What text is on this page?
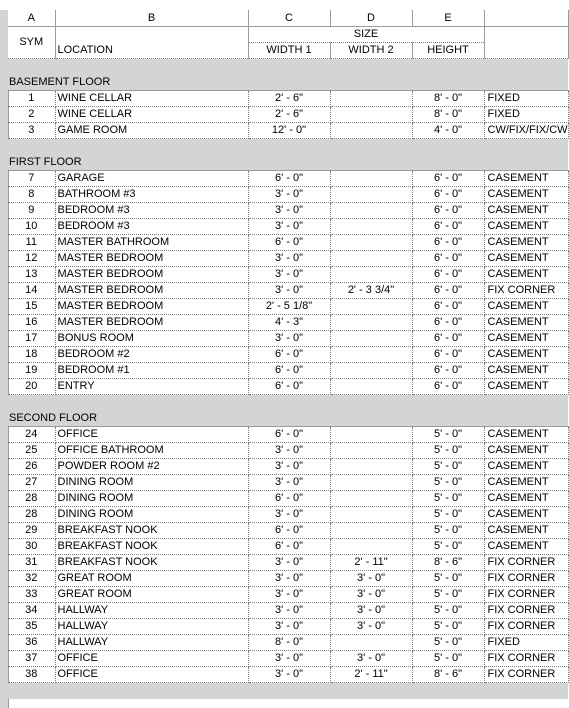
A	B	C	D	E	
SYM	LOCATION	SIZE			
		WIDTH 1	WIDTH 2	HEIGHT	

BASEMENT FLOOR					
1	WINE CELLAR	2' - 6"		8' - 0"	FIXED
2	WINE CELLAR	2' - 6"		8' - 0"	FIXED
3	GAME ROOM	12' - 0"		4' - 0"	CW/FIX/FIX/CW

FIRST FLOOR					
7	GARAGE	6' - 0"		6' - 0"	CASEMENT
8	BATHROOM #3	3' - 0"		6' - 0"	CASEMENT
9	BEDROOM #3	3' - 0"		6' - 0"	CASEMENT
10	BEDROOM #3	3' - 0"		6' - 0"	CASEMENT
11	MASTER BATHROOM	6' - 0"		6' - 0"	CASEMENT
12	MASTER BEDROOM	3' - 0"		6' - 0"	CASEMENT
13	MASTER BEDROOM	3' - 0"		6' - 0"	CASEMENT
14	MASTER BEDROOM	3' - 0"	2' - 3 3/4"	6' - 0"	FIX CORNER
15	MASTER BEDROOM	2' - 5 1/8"		6' - 0"	CASEMENT
16	MASTER BEDROOM	4' - 3"		6' - 0"	CASEMENT
17	BONUS ROOM	3' - 0"		6' - 0"	CASEMENT
18	BEDROOM #2	6' - 0"		6' - 0"	CASEMENT
19	BEDROOM #1	6' - 0"		6' - 0"	CASEMENT
20	ENTRY	6' - 0"		6' - 0"	CASEMENT

SECOND FLOOR					
24	OFFICE	6' - 0"		5' - 0"	CASEMENT
25	OFFICE BATHROOM	3' - 0"		5' - 0"	CASEMENT
26	POWDER ROOM #2	3' - 0"		5' - 0"	CASEMENT
27	DINING ROOM	3' - 0"		5' - 0"	CASEMENT
28	DINING ROOM	6' - 0"		5' - 0"	CASEMENT
28	DINING ROOM	3' - 0"		5' - 0"	CASEMENT
29	BREAKFAST NOOK	6' - 0"		5' - 0"	CASEMENT
30	BREAKFAST NOOK	6' - 0"		5' - 0"	CASEMENT
31	BREAKFAST NOOK	3' - 0"	2' - 11"	8' - 6"	FIX CORNER
32	GREAT ROOM	3' - 0"	3' - 0"	5' - 0"	FIX CORNER
33	GREAT ROOM	3' - 0"	3' - 0"	5' - 0"	FIX CORNER
34	HALLWAY	3' - 0"	3' - 0"	5' - 0"	FIX CORNER
35	HALLWAY	3' - 0"	3' - 0"	5' - 0"	FIX CORNER
36	HALLWAY	8' - 0"		5' - 0"	FIXED
37	OFFICE	3' - 0"	3' - 0"	5' - 0"	FIX CORNER
38	OFFICE	3' - 0"	2' - 11"	8' - 6"	FIX CORNER
